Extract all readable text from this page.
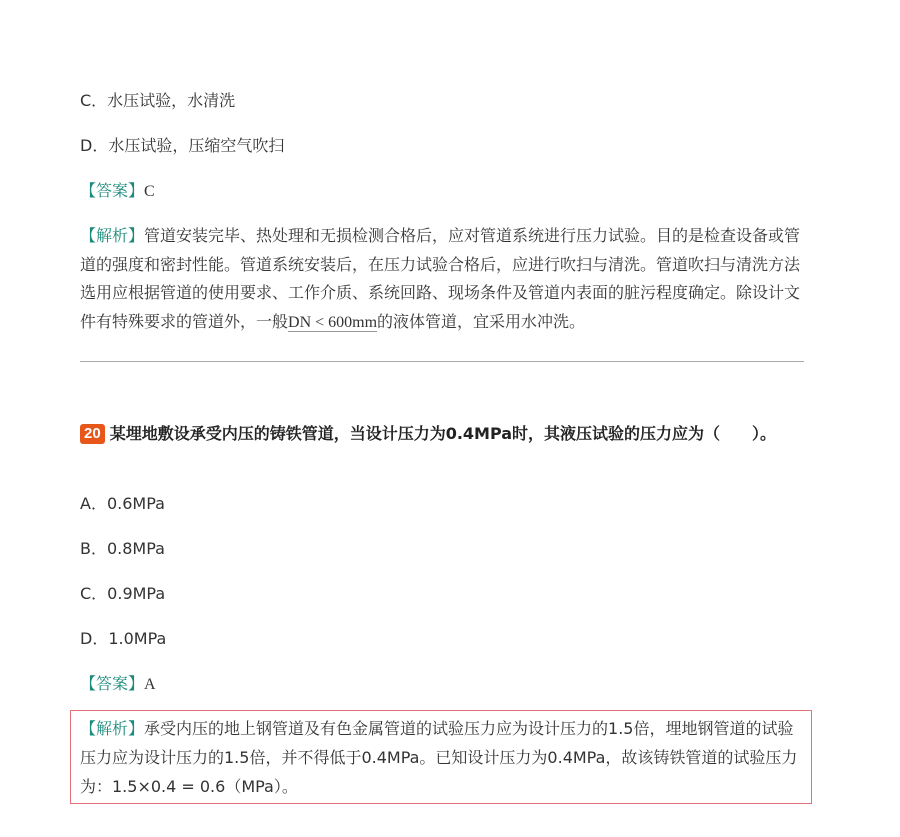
C．水压试验，水清洗
D．水压试验，压缩空气吹扫
【答案】C

【解析】管道安装完毕、热处理和无损检测合格后，应对管道系统进行压力试验。目的是检查设备或管道的强度和密封性能。管道系统安装后，在压力试验合格后，应进行吹扫与清洗。管道吹扫与清洗方法选用应根据管道的使用要求、工作介质、系统回路、现场条件及管道内表面的脏污程度确定。除设计文件有特殊要求的管道外，一般DN < 600mm的液体管道，宜采用水冲洗。

20 某埋地敷设承受内压的铸铁管道，当设计压力为0.4MPa时，其液压试验的压力应为（　　）。
A．0.6MPa
B．0.8MPa
C．0.9MPa
D．1.0MPa
【答案】A

【解析】承受内压的地上钢管道及有色金属管道的试验压力应为设计压力的1.5倍，埋地钢管道的试验压力应为设计压力的1.5倍，并不得低于0.4MPa。已知设计压力为0.4MPa，故该铸铁管道的试验压力为：1.5×0.4 = 0.6（MPa）。
